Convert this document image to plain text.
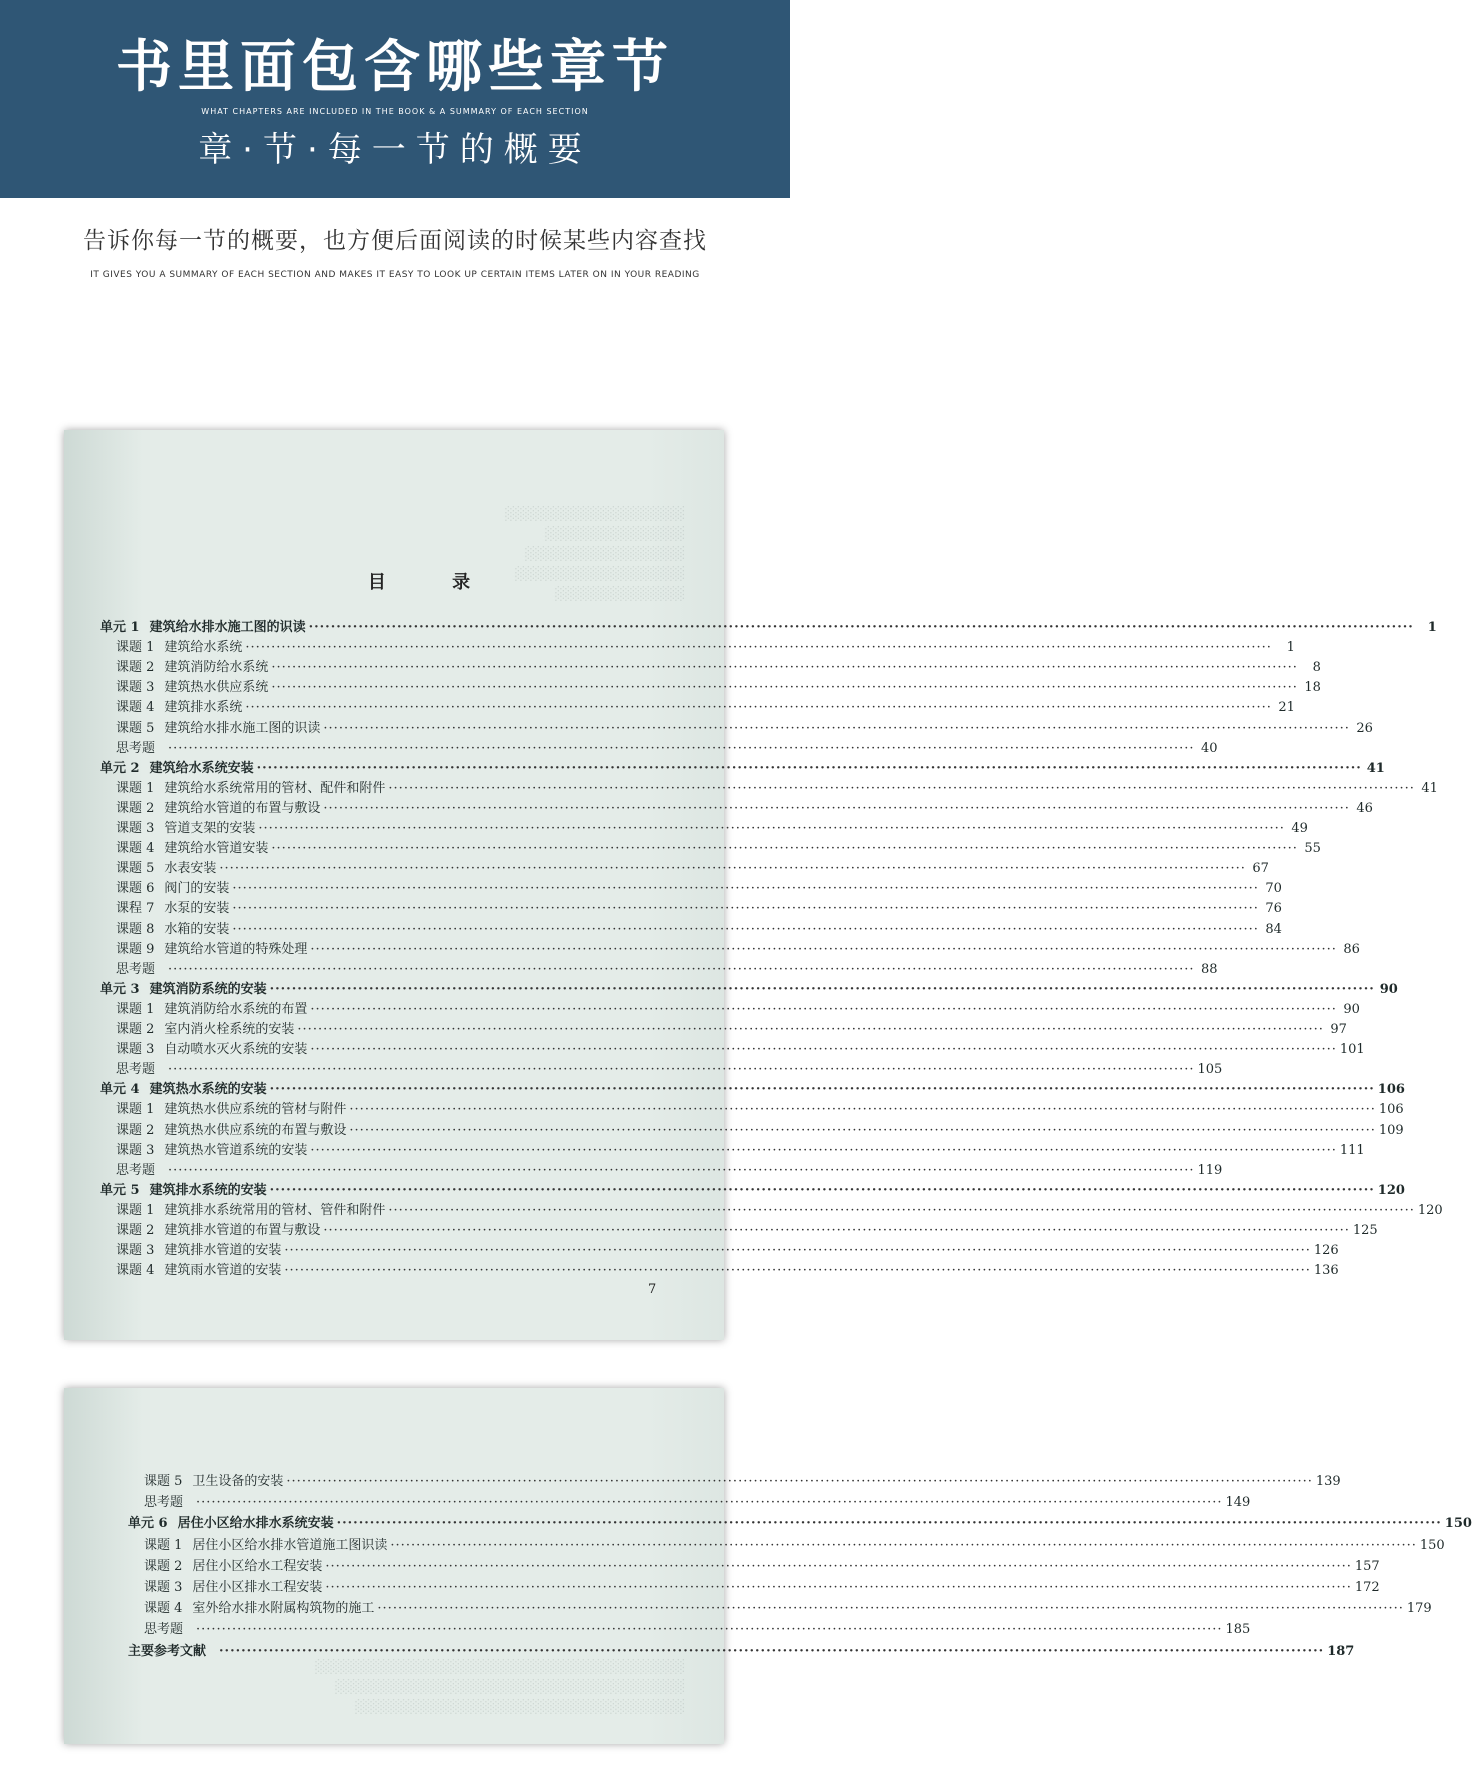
书里面包含哪些章节
WHAT CHAPTERS ARE INCLUDED IN THE BOOK & A SUMMARY OF EACH SECTION
章·节·每一节的概要
告诉你每一节的概要，也方便后面阅读的时候某些内容查找
IT GIVES YOU A SUMMARY OF EACH SECTION AND MAKES IT EASY TO LOOK UP CERTAIN ITEMS LATER ON IN YOUR READING
░░░░░░░░░░░░░░░░░░
░░░░░░░░░░░░░░
░░░░░░░░░░░░░░░░
░░░░░░░░░░░░░░░░░
░░░░░░░░░░░░░

目 录
单元 1 建筑给水排水施工图的识读 ········································································································································································································	1
课题 1 建筑给水系统 ········································································································································································································	1
课题 2 建筑消防给水系统 ········································································································································································································	8
课题 3 建筑热水供应系统 ········································································································································································································ 18
课题 4 建筑排水系统 ········································································································································································································ 21
课题 5 建筑给水排水施工图的识读 ········································································································································································································ 26
思考题	········································································································································································································ 40
单元 2 建筑给水系统安装 ········································································································································································································ 41
课题 1 建筑给水系统常用的管材、配件和附件 ········································································································································································································ 41
课题 2 建筑给水管道的布置与敷设 ········································································································································································································ 46
课题 3 管道支架的安装 ········································································································································································································ 49
课题 4 建筑给水管道安装 ········································································································································································································ 55
课题 5 水表安装 ········································································································································································································ 67
课题 6 阀门的安装 ········································································································································································································ 70
课程 7 水泵的安装 ········································································································································································································ 76
课题 8 水箱的安装 ········································································································································································································ 84
课题 9 建筑给水管道的特殊处理 ········································································································································································································ 86
思考题	········································································································································································································ 88
单元 3 建筑消防系统的安装 ········································································································································································································ 90
课题 1 建筑消防给水系统的布置 ········································································································································································································ 90
课题 2 室内消火栓系统的安装 ········································································································································································································ 97
课题 3 自动喷水灭火系统的安装 ········································································································································································································ 101
思考题	········································································································································································································ 105
单元 4 建筑热水系统的安装 ········································································································································································································ 106
课题 1 建筑热水供应系统的管材与附件 ········································································································································································································ 106
课题 2 建筑热水供应系统的布置与敷设 ········································································································································································································ 109
课题 3 建筑热水管道系统的安装 ········································································································································································································ 111
思考题	········································································································································································································ 119
单元 5 建筑排水系统的安装 ········································································································································································································ 120
课题 1 建筑排水系统常用的管材、管件和附件 ········································································································································································································ 120
课题 2 建筑排水管道的布置与敷设 ········································································································································································································ 125
课题 3 建筑排水管道的安装 ········································································································································································································ 126
课题 4 建筑雨水管道的安装 ········································································································································································································ 136
7
░░░░░░░░░░░░░░░░░░░░░░░░░░░░░░░░░░░░░
░░░░░░░░░░░░░░░░░░░░░░░░░░░░░░░░░░░
░░░░░░░░░░░░░░░░░░░░░░░░░░░░░░░░░

课题 5 卫生设备的安装 ········································································································································································································ 139
思考题	········································································································································································································ 149
单元 6 居住小区给水排水系统安装 ········································································································································································································ 150
课题 1 居住小区给水排水管道施工图识读 ········································································································································································································ 150
课题 2 居住小区给水工程安装 ········································································································································································································ 157
课题 3 居住小区排水工程安装 ········································································································································································································ 172
课题 4 室外给水排水附属构筑物的施工 ········································································································································································································ 179
思考题	········································································································································································································ 185
主要参考文献	········································································································································································································ 187
